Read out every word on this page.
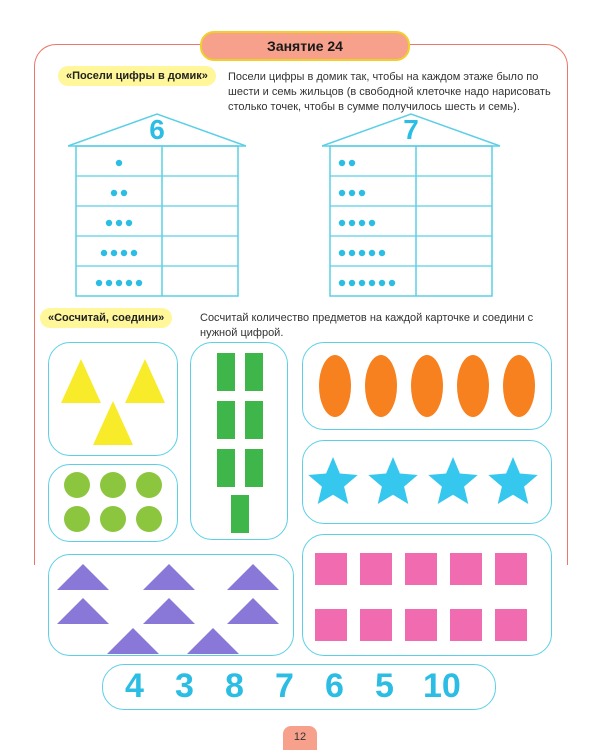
Занятие 24
«Посели цифры в домик»	Посели цифры в домик так, чтобы на каждом этаже было по шести и семь жильцов (в свободной клеточке надо нарисовать столько точек, чтобы в сумме получилось шесть и семь).
6	7
«Сосчитай, соедини»	Сосчитай количество предметов на каждой карточке и соедини с нужной цифрой.
4 3 8 7 6 5 10
12
